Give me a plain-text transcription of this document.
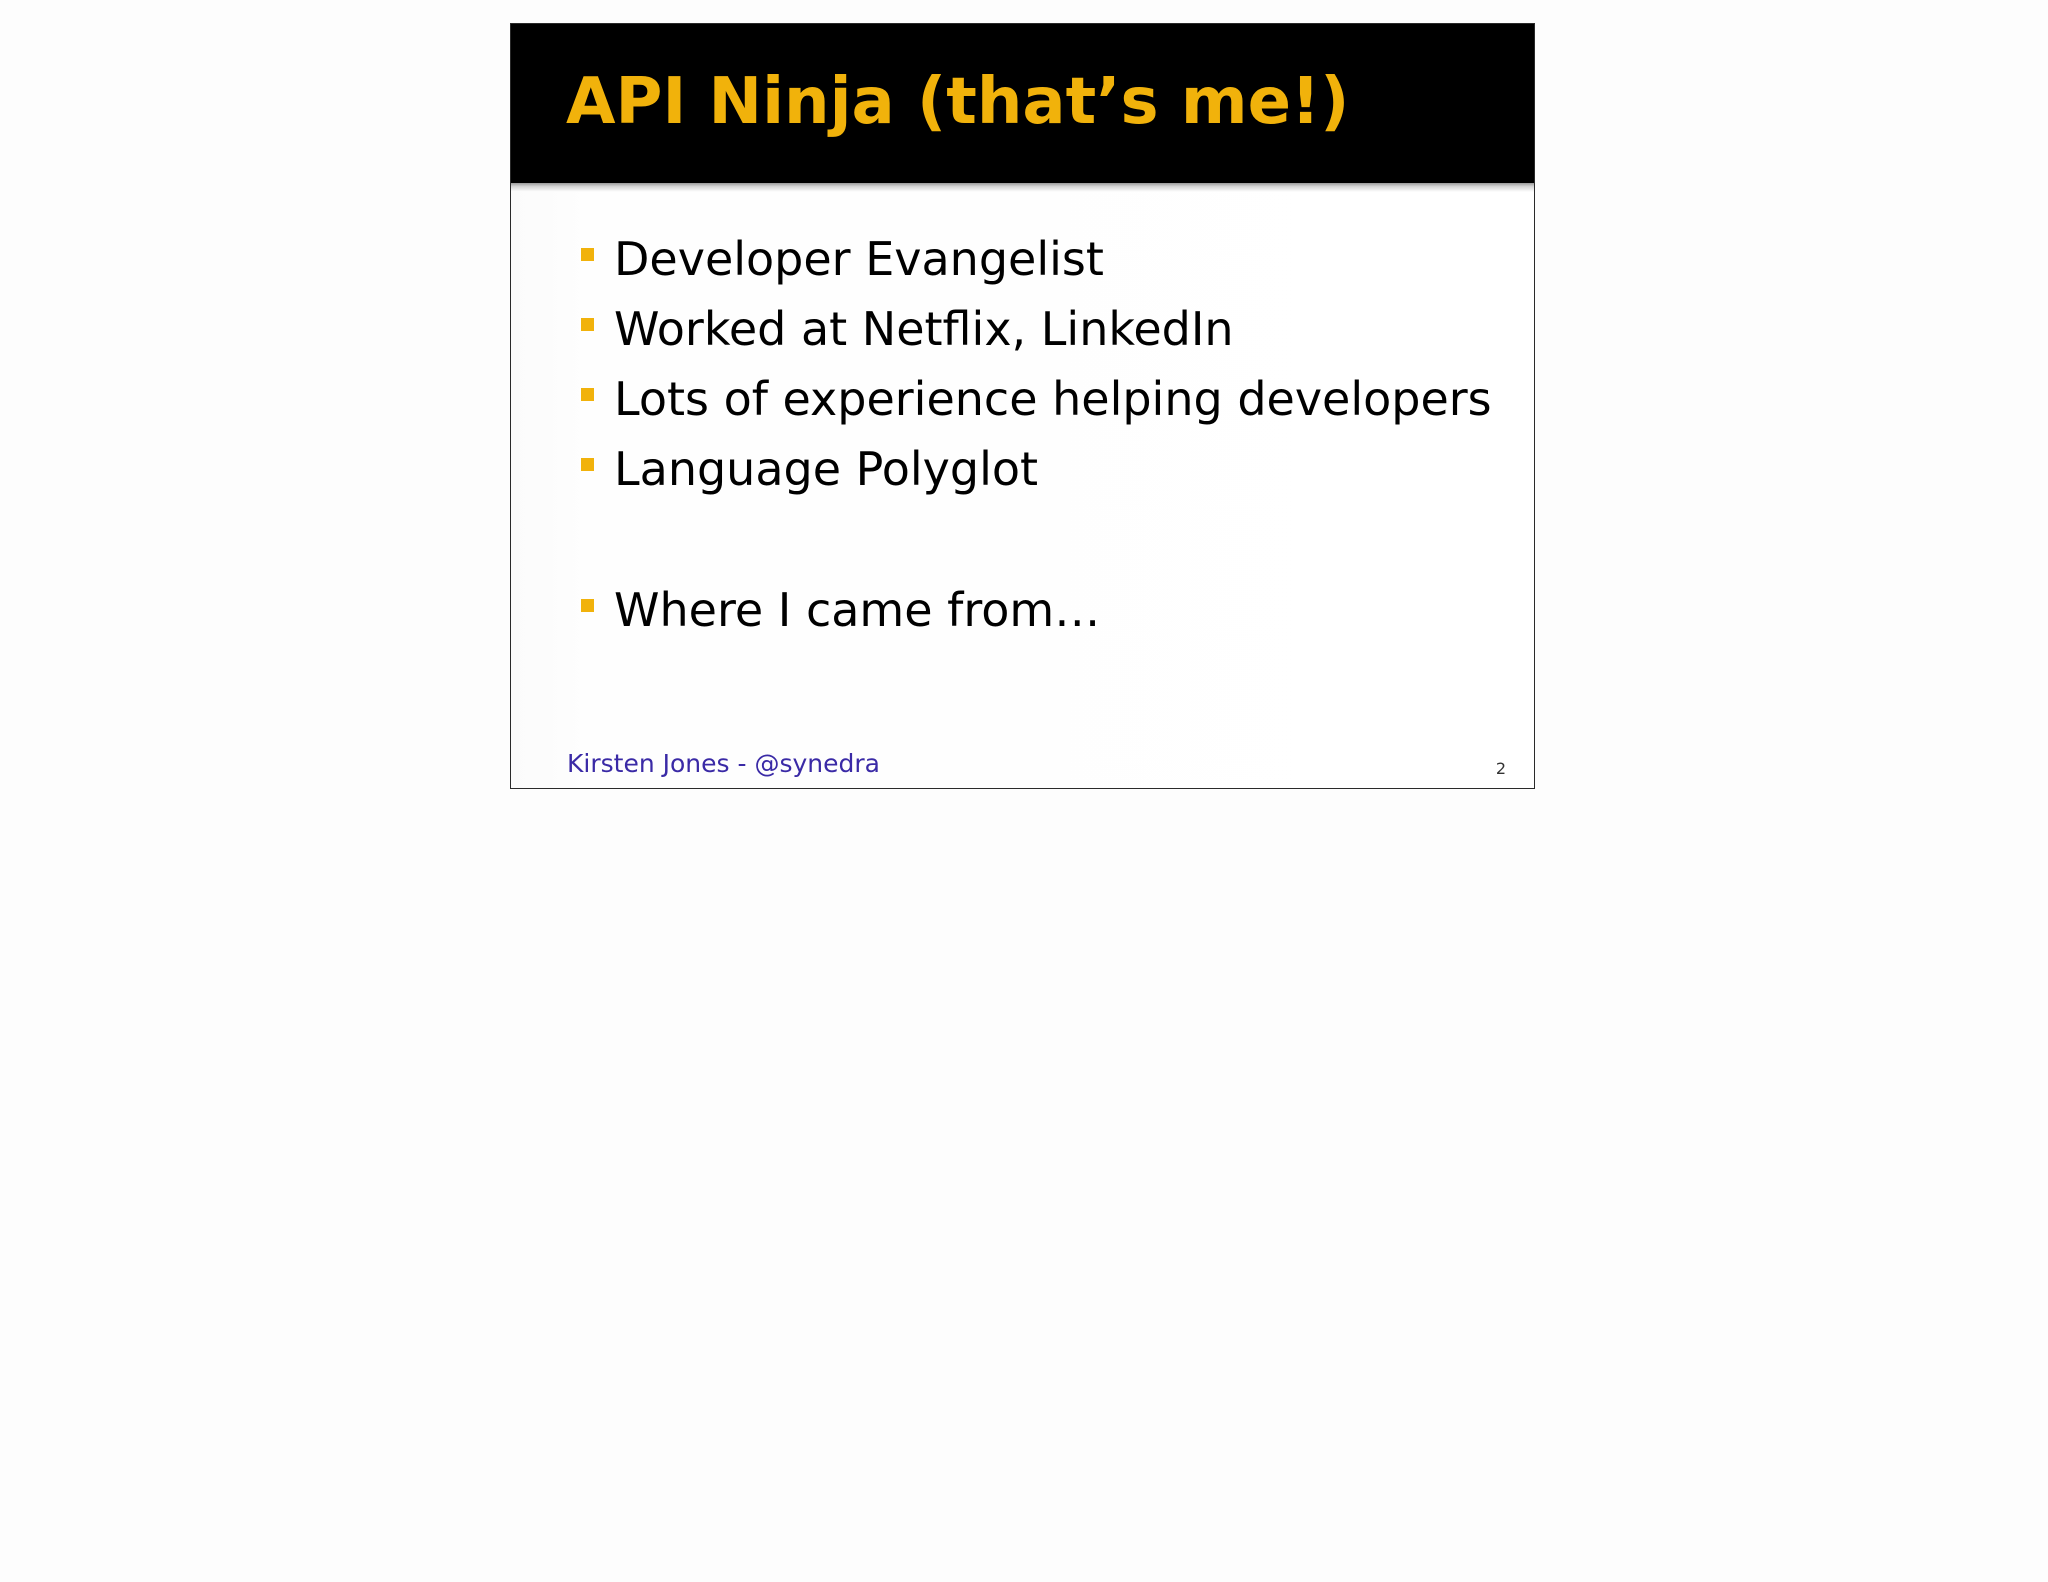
API Ninja (that’s me!)
Developer Evangelist
Worked at Netflix, LinkedIn
Lots of experience helping developers
Language Polyglot
Where I came from…
Kirsten Jones - @synedra	2
